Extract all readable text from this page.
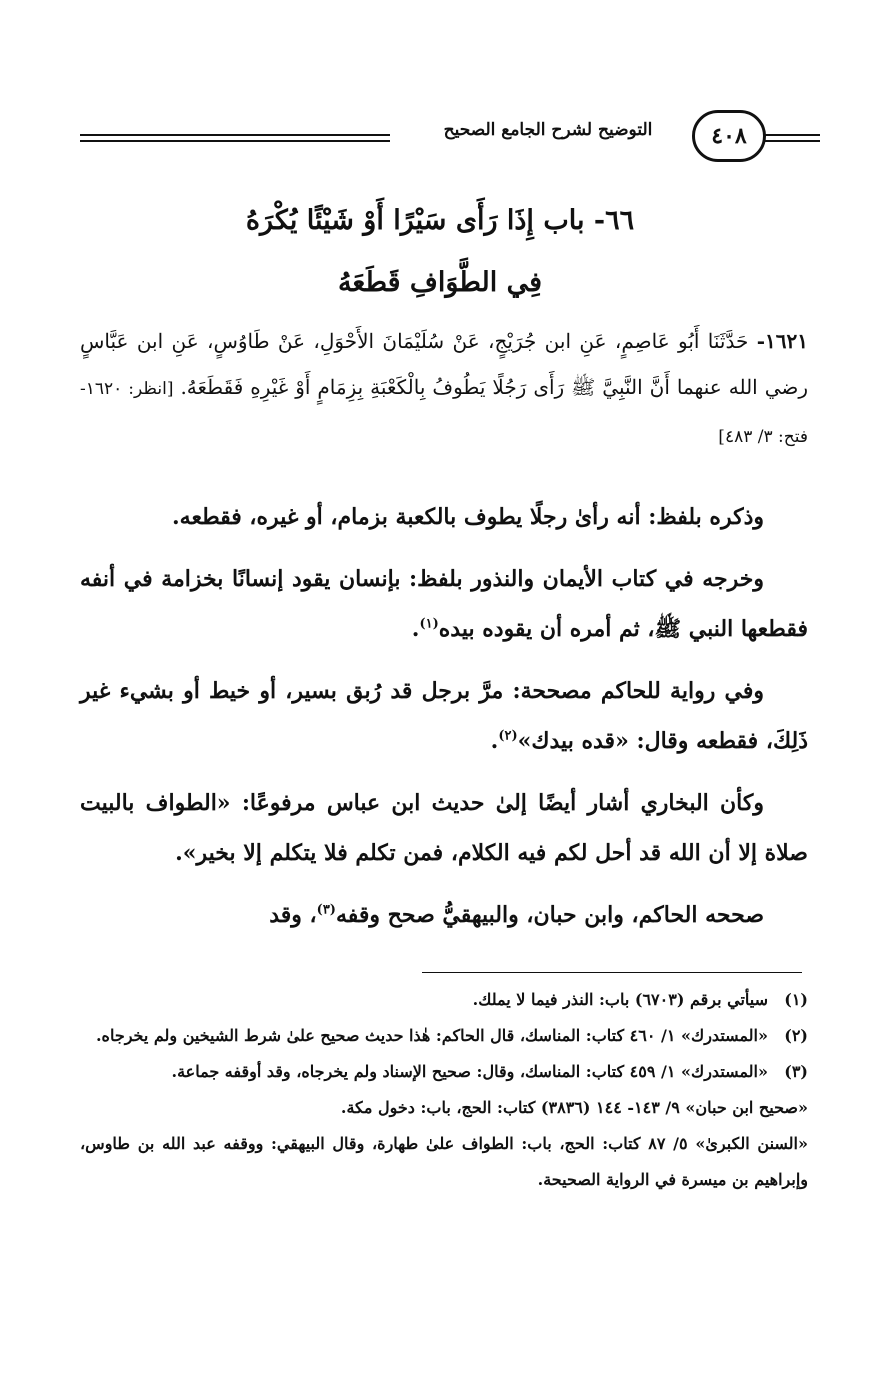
التوضيح لشرح الجامع الصحيح	٤٠٨
٦٦- باب إِذَا رَأَى سَيْرًا أَوْ شَيْئًا يُكْرَهُ
فِي الطَّوَافِ قَطَعَهُ
١٦٢١- حَدَّثَنَا أَبُو عَاصِمٍ، عَنِ ابن جُرَيْجٍ، عَنْ سُلَيْمَانَ الأَحْوَلِ، عَنْ طَاوُسٍ، عَنِ ابن عَبَّاسٍ رضي الله عنهما أَنَّ النَّبِيَّ ﷺ رَأَى رَجُلًا يَطُوفُ بِالْكَعْبَةِ بِزِمَامٍ أَوْ غَيْرِهِ فَقَطَعَهُ. [انظر: ١٦٢٠- فتح: ٣/ ٤٨٣]

وذكره بلفظ: أنه رأىٰ رجلًا يطوف بالكعبة بزمام، أو غيره، فقطعه.

وخرجه في كتاب الأيمان والنذور بلفظ: بإنسان يقود إنسانًا بخزامة في أنفه فقطعها النبي ﷺ، ثم أمره أن يقوده بيده$^{(١)}$.

وفي رواية للحاكم مصححة: مرَّ برجل قد رُبق بسير، أو خيط أو بشيء غير ذَلِكَ، فقطعه وقال: «قده بيدك»$^{(٢)}$.

وكأن البخاري أشار أيضًا إلىٰ حديث ابن عباس مرفوعًا: «الطواف بالبيت صلاة إلا أن الله قد أحل لكم فيه الكلام، فمن تكلم فلا يتكلم إلا بخير».

صححه الحاكم، وابن حبان، والبيهقيُّ صحح وقفه$^{(٣)}$، وقد

(١)
سيأتي برقم (٦٧٠٣) باب: النذر فيما لا يملك.
(٢)
«المستدرك» ١/ ٤٦٠ كتاب: المناسك، قال الحاكم: هٰذا حديث صحيح علىٰ شرط الشيخين ولم يخرجاه.
(٣)
«المستدرك» ١/ ٤٥٩ كتاب: المناسك، وقال: صحيح الإسناد ولم يخرجاه، وقد أوقفه جماعة.
«صحيح ابن حبان» ٩/ ١٤٣- ١٤٤ (٣٨٣٦) كتاب: الحج، باب: دخول مكة.
«السنن الكبرىٰ» ٥/ ٨٧ كتاب: الحج، باب: الطواف علىٰ طهارة، وقال البيهقي: ووقفه عبد الله بن طاوس، وإبراهيم بن ميسرة في الرواية الصحيحة.
